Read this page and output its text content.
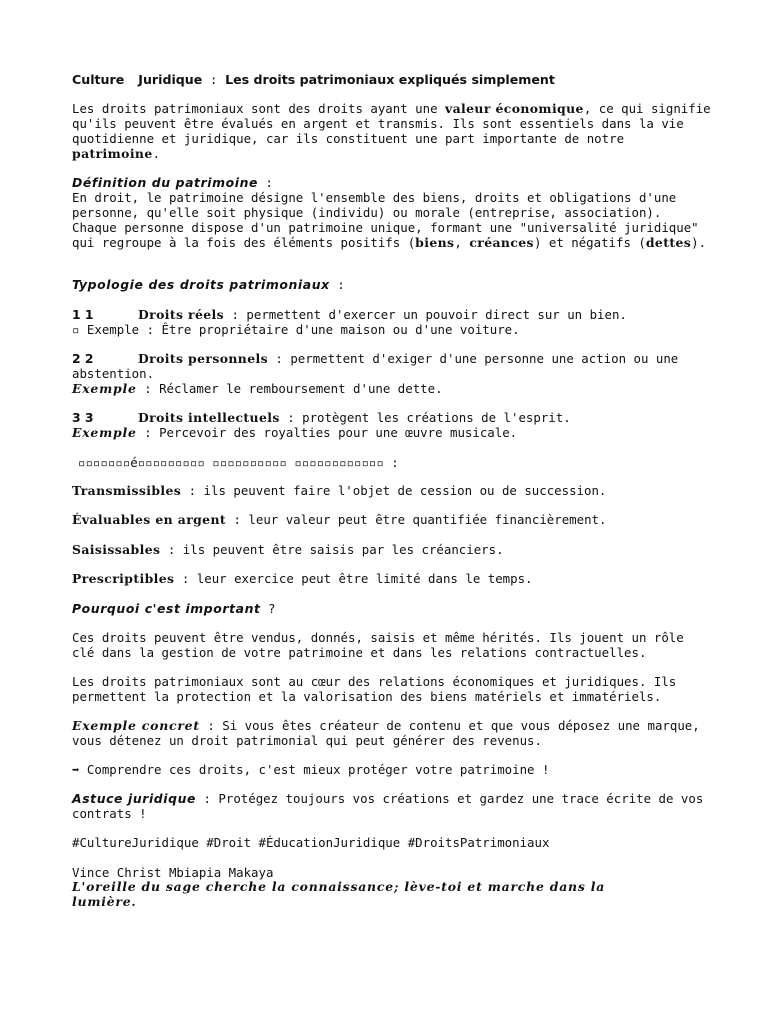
Culture Juridique : Les droits patrimoniaux expliqués simplement
Les droits patrimoniaux sont des droits ayant une valeur économique, ce qui signifie qu'ils peuvent être évalués en argent et transmis. Ils sont essentiels dans la vie quotidienne et juridique, car ils constituent une part importante de notre patrimoine.
Définition du patrimoine :
En droit, le patrimoine désigne l'ensemble des biens, droits et obligations d'une personne, qu'elle soit physique (individu) ou morale (entreprise, association). Chaque personne dispose d'un patrimoine unique, formant une "universalité juridique" qui regroupe à la fois des éléments positifs (biens, créances) et négatifs (dettes).
Typologie des droits patrimoniaux :
1 1	Droits réels : permettent d'exercer un pouvoir direct sur un bien.
▫ Exemple : Être propriétaire d'une maison ou d'une voiture.
2 2	Droits personnels : permettent d'exiger d'une personne une action ou une abstention.
Exemple : Réclamer le remboursement d'une dette.
3 3	Droits intellectuels : protègent les créations de l'esprit.
Exemple : Percevoir des royalties pour une œuvre musicale.
▫▫▫▫▫▫▫é▫▫▫▫▫▫▫▫▫ ▫▫▫▫▫▫▫▫▫▫ ▫▫▫▫▫▫▫▫▫▫▫▫ :
Transmissibles : ils peuvent faire l'objet de cession ou de succession.
Évaluables en argent : leur valeur peut être quantifiée financièrement.
Saisissables : ils peuvent être saisis par les créanciers.
Prescriptibles : leur exercice peut être limité dans le temps.
Pourquoi c'est important ?
Ces droits peuvent être vendus, donnés, saisis et même hérités. Ils jouent un rôle clé dans la gestion de votre patrimoine et dans les relations contractuelles.
Les droits patrimoniaux sont au cœur des relations économiques et juridiques. Ils permettent la protection et la valorisation des biens matériels et immatériels.
Exemple concret : Si vous êtes créateur de contenu et que vous déposez une marque, vous détenez un droit patrimonial qui peut générer des revenus.
➡ Comprendre ces droits, c'est mieux protéger votre patrimoine !
Astuce juridique : Protégez toujours vos créations et gardez une trace écrite de vos contrats !
#CultureJuridique #Droit #ÉducationJuridique #DroitsPatrimoniaux
Vince Christ Mbiapia Makaya
L'oreille du sage cherche la connaissance; lève-toi et marche dans la lumière.
